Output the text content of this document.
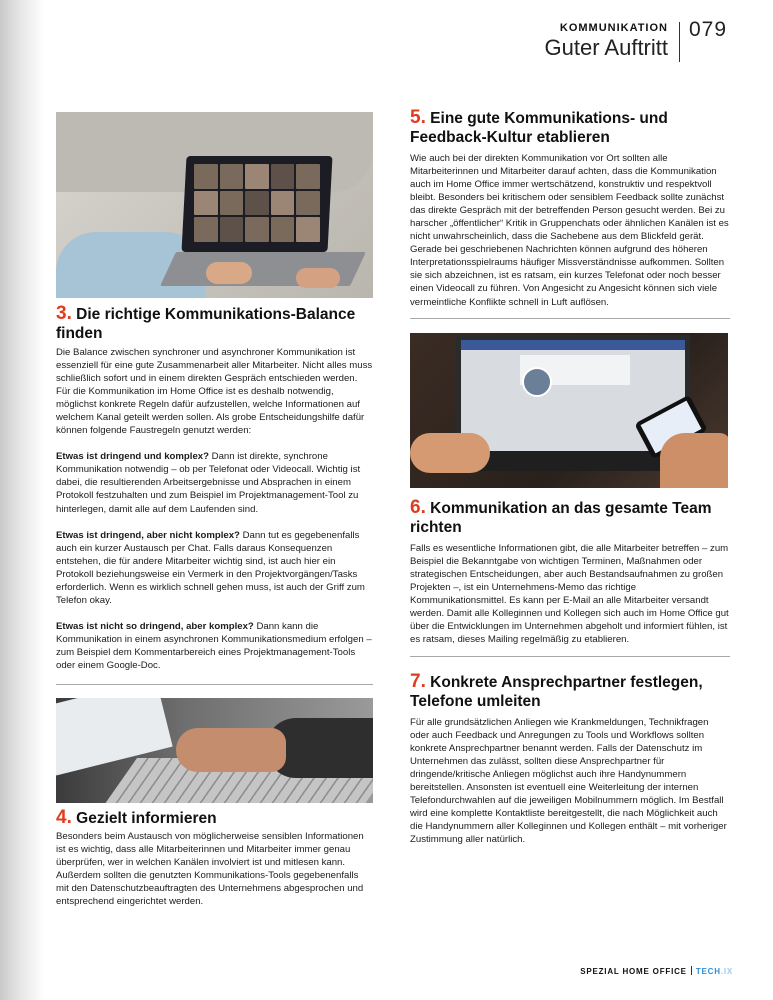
KOMMUNIKATION
Guter Auftritt
079
3. Die richtige Kommunikations-Balance finden

Die Balance zwischen synchroner und asynchroner Kommunikation ist essenziell für eine gute Zusammenarbeit aller Mitarbeiter. Nicht alles muss schließlich sofort und in einem direkten Gespräch entschieden werden. Für die Kommunikation im Home Office ist es deshalb notwendig, möglichst konkrete Regeln dafür aufzustellen, welche Informationen auf welchem Kanal geteilt werden sollen. Als grobe Entscheidungshilfe dafür können folgende Faustregeln genutzt werden:

Etwas ist dringend und komplex? Dann ist direkte, synchrone Kommunikation notwendig – ob per Telefonat oder Videocall. Wichtig ist dabei, die resultierenden Arbeitsergebnisse und Absprachen in einem Protokoll festzuhalten und zum Beispiel im Projektmanagement-Tool zu hinterlegen, damit alle auf dem Laufenden sind.

Etwas ist dringend, aber nicht komplex? Dann tut es gegebenenfalls auch ein kurzer Austausch per Chat. Falls daraus Konsequenzen entstehen, die für andere Mitarbeiter wichtig sind, ist auch hier ein Protokoll beziehungsweise ein Vermerk in den Projektvorgängen/Tasks erforderlich. Wenn es wirklich schnell gehen muss, ist auch der Griff zum Telefon okay.

Etwas ist nicht so dringend, aber komplex? Dann kann die Kommunikation in einem asynchronen Kommunikationsmedium erfolgen – zum Beispiel dem Kommentarbereich eines Projektmanagement-Tools oder einem Google-Doc.

4. Gezielt informieren

Besonders beim Austausch von möglicherweise sensiblen Informationen ist es wichtig, dass alle Mitarbeiterinnen und Mitarbeiter immer genau überprüfen, wer in welchen Kanälen involviert ist und mitlesen kann. Außerdem sollten die genutzten Kommunikations-Tools gegebenenfalls mit den Datenschutzbeauftragten des Unternehmens abgesprochen und entsprechend eingerichtet werden.

5. Eine gute Kommunikations- und Feedback-Kultur etablieren

Wie auch bei der direkten Kommunikation vor Ort sollten alle Mitarbeiterinnen und Mitarbeiter darauf achten, dass die Kommunikation auch im Home Office immer wertschätzend, konstruktiv und respektvoll bleibt. Besonders bei kritischem oder sensiblem Feedback sollte zunächst das direkte Gespräch mit der betreffenden Person gesucht werden. Bei zu harscher „öffentlicher“ Kritik in Gruppenchats oder ähnlichen Kanälen ist es nicht unwahrscheinlich, dass die Sachebene aus dem Blickfeld gerät.

Gerade bei geschriebenen Nachrichten können aufgrund des höheren Interpretationsspielraums häufiger Missverständnisse aufkommen. Sollten sie sich abzeichnen, ist es ratsam, ein kurzes Telefonat oder noch besser einen Videocall zu führen. Von Angesicht zu Angesicht können sich viele vermeintliche Konflikte schnell in Luft auflösen.

6. Kommunikation an das gesamte Team richten

Falls es wesentliche Informationen gibt, die alle Mitarbeiter betreffen – zum Beispiel die Bekanntgabe von wichtigen Terminen, Maßnahmen oder strategischen Entscheidungen, aber auch Bestandsaufnahmen zu großen Projekten –, ist ein Unternehmens-Memo das richtige Kommunikationsmittel. Es kann per E-Mail an alle Mitarbeiter versandt werden. Damit alle Kolleginnen und Kollegen sich auch im Home Office gut über die Entwicklungen im Unternehmen abgeholt und informiert fühlen, ist es ratsam, dieses Mailing regelmäßig zu etablieren.

7. Konkrete Ansprechpartner festlegen, Telefone umleiten

Für alle grundsätzlichen Anliegen wie Krankmeldungen, Technikfragen oder auch Feedback und Anregungen zu Tools und Workflows sollten konkrete Ansprechpartner benannt werden. Falls der Datenschutz im Unternehmen das zulässt, sollten diese Ansprechpartner für dringende/kritische Anliegen möglichst auch ihre Handynummern bereitstellen. Ansonsten ist eventuell eine Weiterleitung der internen Telefondurchwahlen auf die jeweiligen Mobilnummern möglich. Im Bestfall wird eine komplette Kontaktliste bereitgestellt, die nach Möglichkeit auch die Handynummern aller Kolleginnen und Kollegen enthält – mit vorheriger Zustimmung aller natürlich.

SPEZIAL HOME OFFICE TECH.IX
